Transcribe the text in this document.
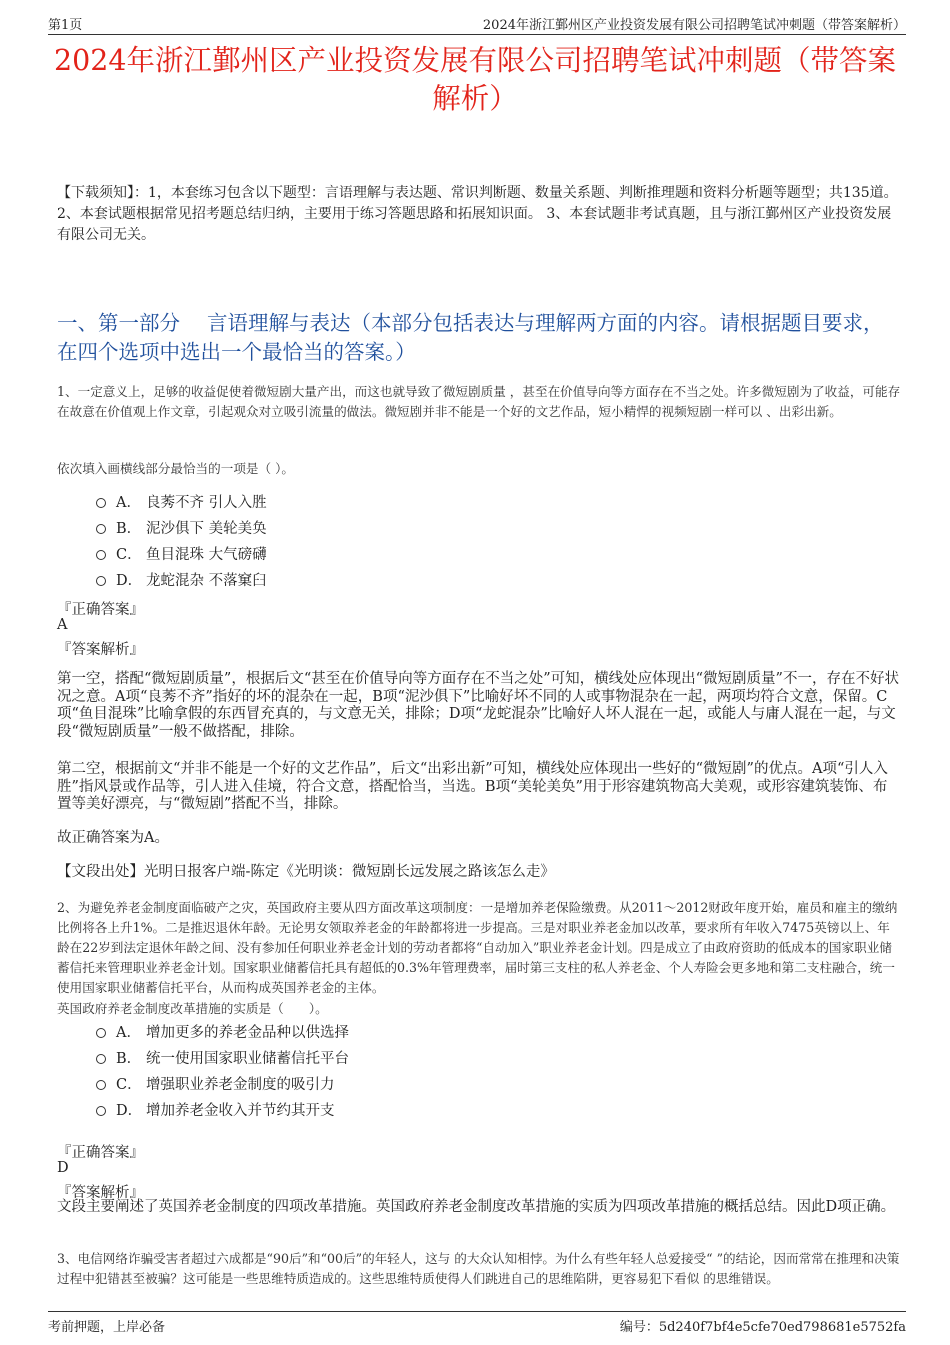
第1页	2024年浙江鄞州区产业投资发展有限公司招聘笔试冲刺题（带答案解析）
2024年浙江鄞州区产业投资发展有限公司招聘笔试冲刺题（带答案解析）
【下载须知】：1，本套练习包含以下题型：言语理解与表达题、常识判断题、数量关系题、判断推理题和资料分析题等题型；共135道。 2、本套试题根据常见招考题总结归纳，主要用于练习答题思路和拓展知识面。 3、本套试题非考试真题，且与浙江鄞州区产业投资发展有限公司无关。
一、第一部分　 言语理解与表达（本部分包括表达与理解两方面的内容。请根据题目要求，在四个选项中选出一个最恰当的答案。）
1、一定意义上，足够的收益促使着微短剧大量产出，而这也就导致了微短剧质量 ，甚至在价值导向等方面存在不当之处。许多微短剧为了收益，可能存在故意在价值观上作文章，引起观众对立吸引流量的做法。微短剧并非不能是一个好的文艺作品，短小精悍的视频短剧一样可以 、出彩出新。
依次填入画横线部分最恰当的一项是（ ）。
A． 良莠不齐 引人入胜
B． 泥沙俱下 美轮美奂
C． 鱼目混珠 大气磅礴
D． 龙蛇混杂 不落窠臼
『正确答案』
A
『答案解析』
第一空，搭配“微短剧质量”，根据后文“甚至在价值导向等方面存在不当之处”可知，横线处应体现出“微短剧质量”不一，存在不好状况之意。A项“良莠不齐”指好的坏的混杂在一起，B项“泥沙俱下”比喻好坏不同的人或事物混杂在一起，两项均符合文意，保留。C项“鱼目混珠”比喻拿假的东西冒充真的，与文意无关，排除；D项“龙蛇混杂”比喻好人坏人混在一起，或能人与庸人混在一起，与文段“微短剧质量”一般不做搭配，排除。
第二空，根据前文“并非不能是一个好的文艺作品”，后文“出彩出新”可知，横线处应体现出一些好的“微短剧”的优点。A项“引人入胜”指风景或作品等，引人进入佳境，符合文意，搭配恰当，当选。B项“美轮美奂”用于形容建筑物高大美观，或形容建筑装饰、布置等美好漂亮，与“微短剧”搭配不当，排除。
故正确答案为A。
【文段出处】光明日报客户端-陈定《光明谈：微短剧长远发展之路该怎么走》
2、为避免养老金制度面临破产之灾，英国政府主要从四方面改革这项制度：一是增加养老保险缴费。从2011～2012财政年度开始，雇员和雇主的缴纳比例将各上升1%。二是推迟退休年龄。无论男女领取养老金的年龄都将进一步提高。三是对职业养老金加以改革，要求所有年收入7475英镑以上、年龄在22岁到法定退休年龄之间、没有参加任何职业养老金计划的劳动者都将“自动加入”职业养老金计划。四是成立了由政府资助的低成本的国家职业储蓄信托来管理职业养老金计划。国家职业储蓄信托具有超低的0.3%年管理费率，届时第三支柱的私人养老金、个人寿险会更多地和第二支柱融合，统一使用国家职业储蓄信托平台，从而构成英国养老金的主体。
英国政府养老金制度改革措施的实质是（　　）。
A． 增加更多的养老金品种以供选择
B． 统一使用国家职业储蓄信托平台
C． 增强职业养老金制度的吸引力
D． 增加养老金收入并节约其开支
『正确答案』
D
『答案解析』
文段主要阐述了英国养老金制度的四项改革措施。英国政府养老金制度改革措施的实质为四项改革措施的概括总结。因此D项正确。
3、电信网络诈骗受害者超过六成都是“90后”和“00后”的年轻人，这与 的大众认知相悖。为什么有些年轻人总爱接受“ ”的结论，因而常常在推理和决策过程中犯错甚至被骗？这可能是一些思维特质造成的。这些思维特质使得人们跳进自己的思维陷阱，更容易犯下看似 的思维错误。
考前押题，上岸必备	编号：5d240f7bf4e5cfe70ed798681e5752fa
